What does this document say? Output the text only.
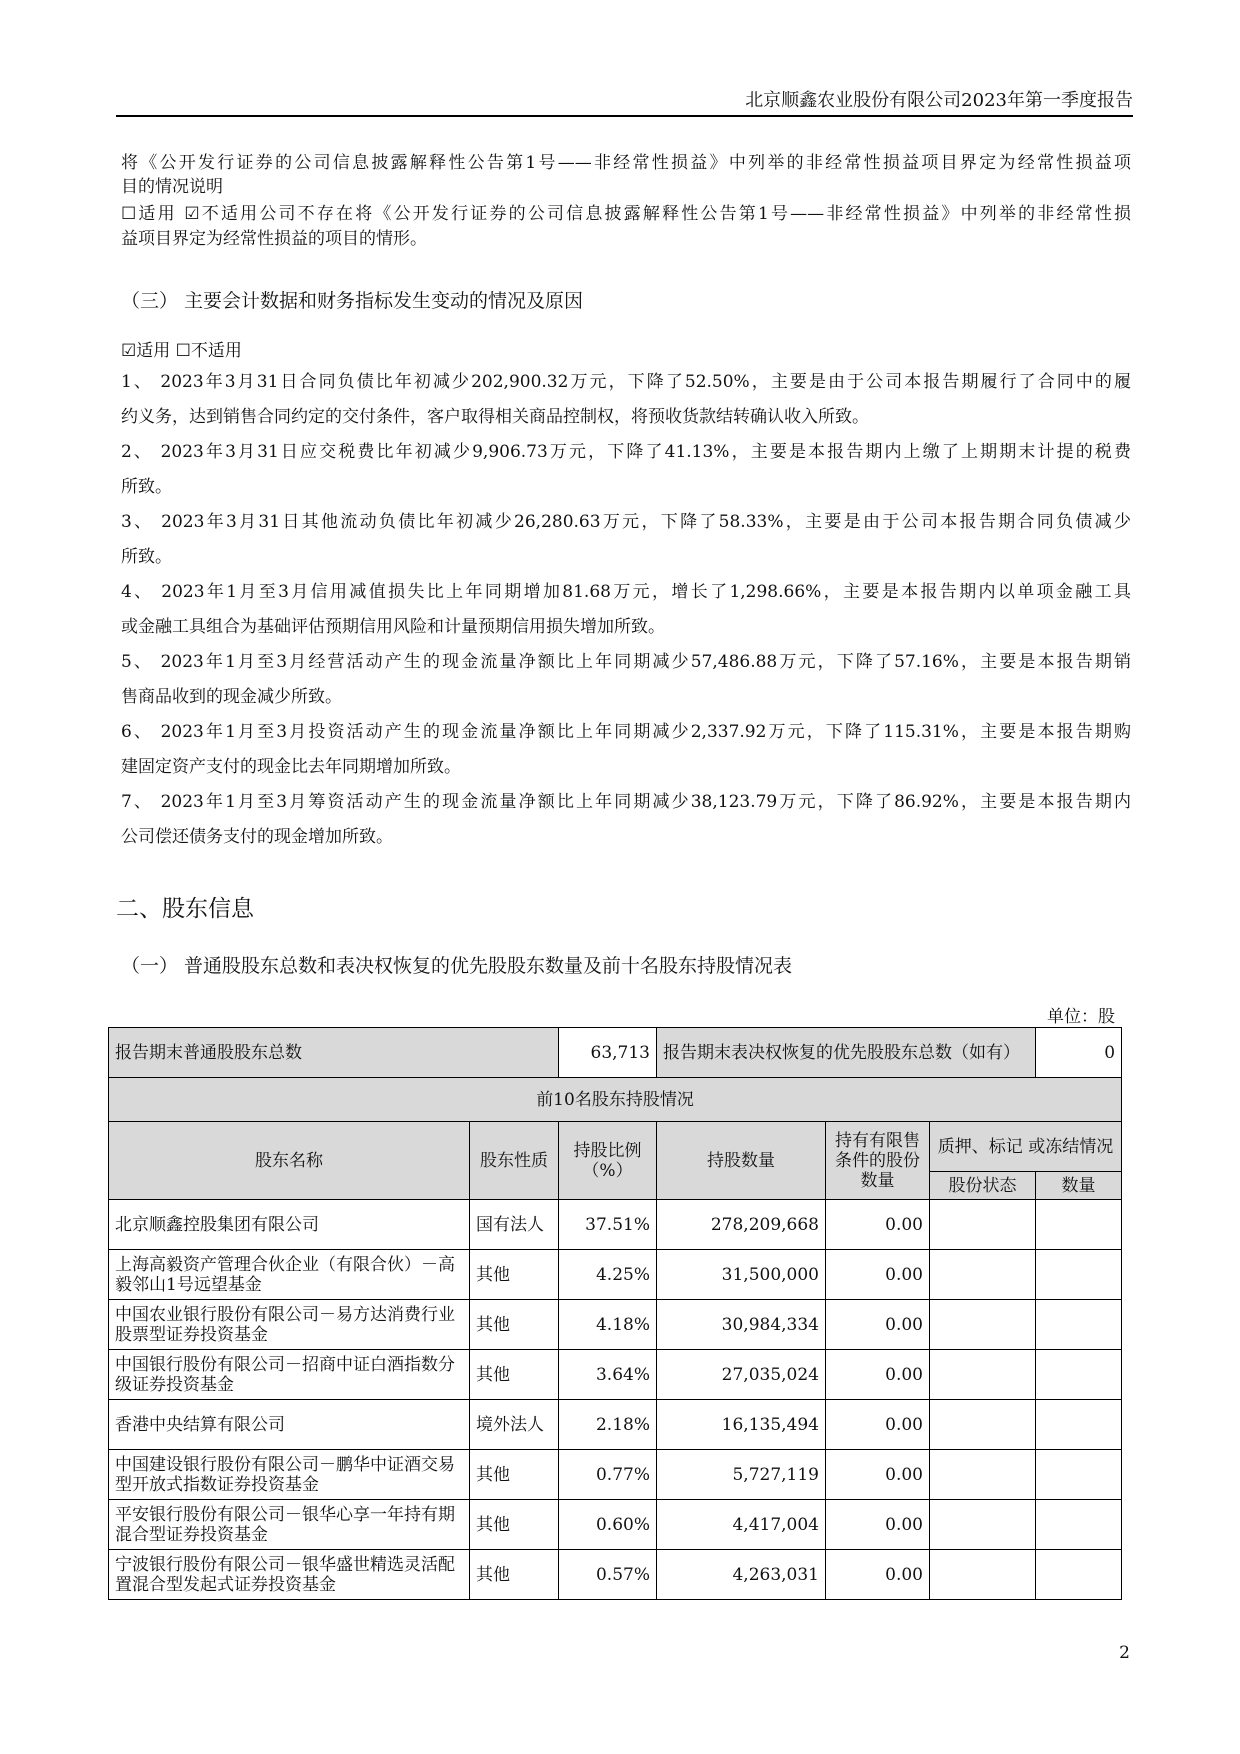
北京顺鑫农业股份有限公司2023年第一季度报告
将《公开发行证券的公司信息披露解释性公告第1号——非经常性损益》中列举的非经常性损益项目界定为经常性损益项
目的情况说明
☐适用 ☑不适用公司不存在将《公开发行证券的公司信息披露解释性公告第1号——非经常性损益》中列举的非经常性损
益项目界定为经常性损益的项目的情形。
（三） 主要会计数据和财务指标发生变动的情况及原因
☑适用 ☐不适用
1、 2023年3月31日合同负债比年初减少202,900.32万元，下降了52.50%，主要是由于公司本报告期履行了合同中的履
约义务，达到销售合同约定的交付条件，客户取得相关商品控制权，将预收货款结转确认收入所致。
2、 2023年3月31日应交税费比年初减少9,906.73万元，下降了41.13%，主要是本报告期内上缴了上期期末计提的税费
所致。
3、 2023年3月31日其他流动负债比年初减少26,280.63万元，下降了58.33%，主要是由于公司本报告期合同负债减少
所致。
4、 2023年1月至3月信用减值损失比上年同期增加81.68万元，增长了1,298.66%，主要是本报告期内以单项金融工具
或金融工具组合为基础评估预期信用风险和计量预期信用损失增加所致。
5、 2023年1月至3月经营活动产生的现金流量净额比上年同期减少57,486.88万元，下降了57.16%，主要是本报告期销
售商品收到的现金减少所致。
6、 2023年1月至3月投资活动产生的现金流量净额比上年同期减少2,337.92万元，下降了115.31%，主要是本报告期购
建固定资产支付的现金比去年同期增加所致。
7、 2023年1月至3月筹资活动产生的现金流量净额比上年同期减少38,123.79万元，下降了86.92%，主要是本报告期内
公司偿还债务支付的现金增加所致。
二、股东信息
（一） 普通股股东总数和表决权恢复的优先股股东数量及前十名股东持股情况表
单位：股
报告期末普通股股东总数		63,713	报告期末表决权恢复的优先股股东总数（如有）			0
前10名股东持股情况						
股东名称	股东性质	持股比例（%）	持股数量	持有有限售条件的股份数量	质押、标记 或冻结情况	
					股份状态	数量
北京顺鑫控股集团有限公司	国有法人	37.51%	278,209,668	0.00		
上海高毅资产管理合伙企业（有限合伙）－高毅邻山1号远望基金	其他	4.25%	31,500,000	0.00		
中国农业银行股份有限公司－易方达消费行业股票型证券投资基金	其他	4.18%	30,984,334	0.00		
中国银行股份有限公司－招商中证白酒指数分级证券投资基金	其他	3.64%	27,035,024	0.00		
香港中央结算有限公司	境外法人	2.18%	16,135,494	0.00		
中国建设银行股份有限公司－鹏华中证酒交易型开放式指数证券投资基金	其他	0.77%	5,727,119	0.00		
平安银行股份有限公司－银华心享一年持有期混合型证券投资基金	其他	0.60%	4,417,004	0.00		
宁波银行股份有限公司－银华盛世精选灵活配置混合型发起式证券投资基金	其他	0.57%	4,263,031	0.00		
2
